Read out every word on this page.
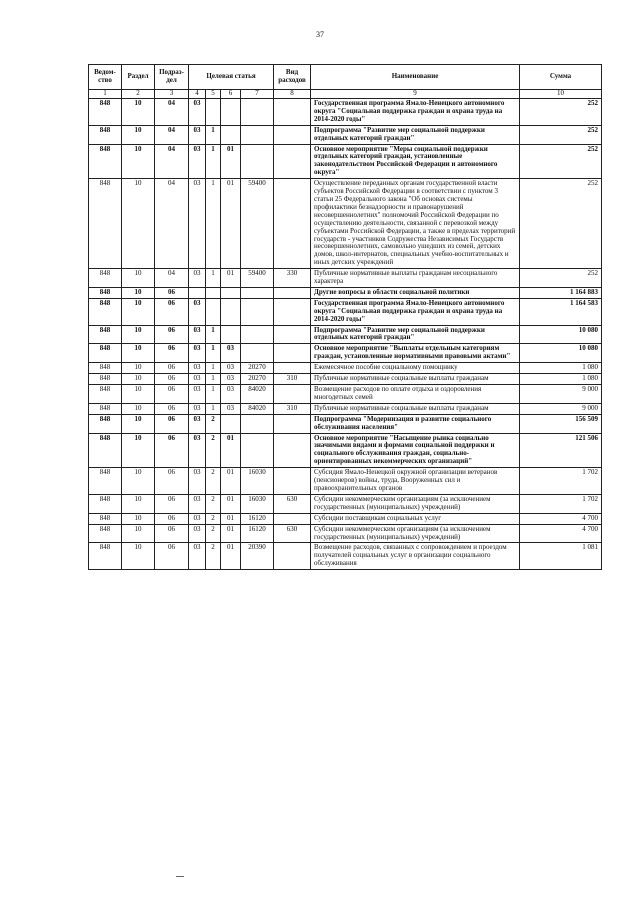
37
Ведом-ство	Раздел	Подраз-дел	Целевая статья				Вид расходов	Наименование	Сумма
1	2	3	4	5	6	7	8	9	10
848	10	04	03					Государственная программа Ямало-Ненецкого автономного округа "Социальная поддержка граждан и охрана труда на 2014-2020 годы"	252
848	10	04	03	1				Подпрограмма "Развитие мер социальной поддержки отдельных категорий граждан"	252
848	10	04	03	1	01			Основное мероприятие "Меры социальной поддержки отдельных категорий граждан, установленные законодательством Российской Федерации и автономного округа"	252
848	10	04	03	1	01	59400		Осуществление переданных органам государственной власти субъектов Российской Федерации в соответствии с пунктом 3 статьи 25 Федерального закона "Об основах системы профилактики безнадзорности и правонарушений несовершеннолетних" полномочий Российской Федерации по осуществлению деятельности, связанной с перевозкой между субъектами Российской Федерации, а также в пределах территорий государств - участников Содружества Независимых Государств несовершеннолетних, самовольно ушедших из семей, детских домов, школ-интернатов, специальных учебно-воспитательных и иных детских учреждений	252
848	10	04	03	1	01	59400	330	Публичные нормативные выплаты гражданам несоциального характера	252
848	10	06						Другие вопросы в области социальной политики	1 164 883
848	10	06	03					Государственная программа Ямало-Ненецкого автономного округа "Социальная поддержка граждан и охрана труда на 2014-2020 годы"	1 164 583
848	10	06	03	1				Подпрограмма "Развитие мер социальной поддержки отдельных категорий граждан"	10 080
848	10	06	03	1	03			Основное мероприятие "Выплаты отдельным категориям граждан, установленные нормативными правовыми актами"	10 080
848	10	06	03	1	03	20270		Ежемесячное пособие социальному помощнику	1 080
848	10	06	03	1	03	20270	310	Публичные нормативные социальные выплаты гражданам	1 080
848	10	06	03	1	03	84020		Возмещение расходов по оплате отдыха и оздоровления многодетных семей	9 000
848	10	06	03	1	03	84020	310	Публичные нормативные социальные выплаты гражданам	9 000
848	10	06	03	2				Подпрограмма "Модернизация и развитие социального обслуживания населения"	156 509
848	10	06	03	2	01			Основное мероприятие "Насыщение рынка социально значимыми видами и формами социальной поддержки и социального обслуживания граждан, социально-ориентированных некоммерческих организаций"	121 506
848	10	06	03	2	01	16030		Субсидия Ямало-Ненецкой окружной организации ветеранов (пенсионеров) войны, труда, Вооруженных сил и правоохранительных органов	1 702
848	10	06	03	2	01	16030	630	Субсидии некоммерческим организациям (за исключением государственных (муниципальных) учреждений)	1 702
848	10	06	03	2	01	16120		Субсидии поставщикам социальных услуг	4 700
848	10	06	03	2	01	16120	630	Субсидии некоммерческим организациям (за исключением государственных (муниципальных) учреждений)	4 700
848	10	06	03	2	01	20390		Возмещение расходов, связанных с сопровождением и проездом получателей социальных услуг в организации социального обслуживания	1 081
